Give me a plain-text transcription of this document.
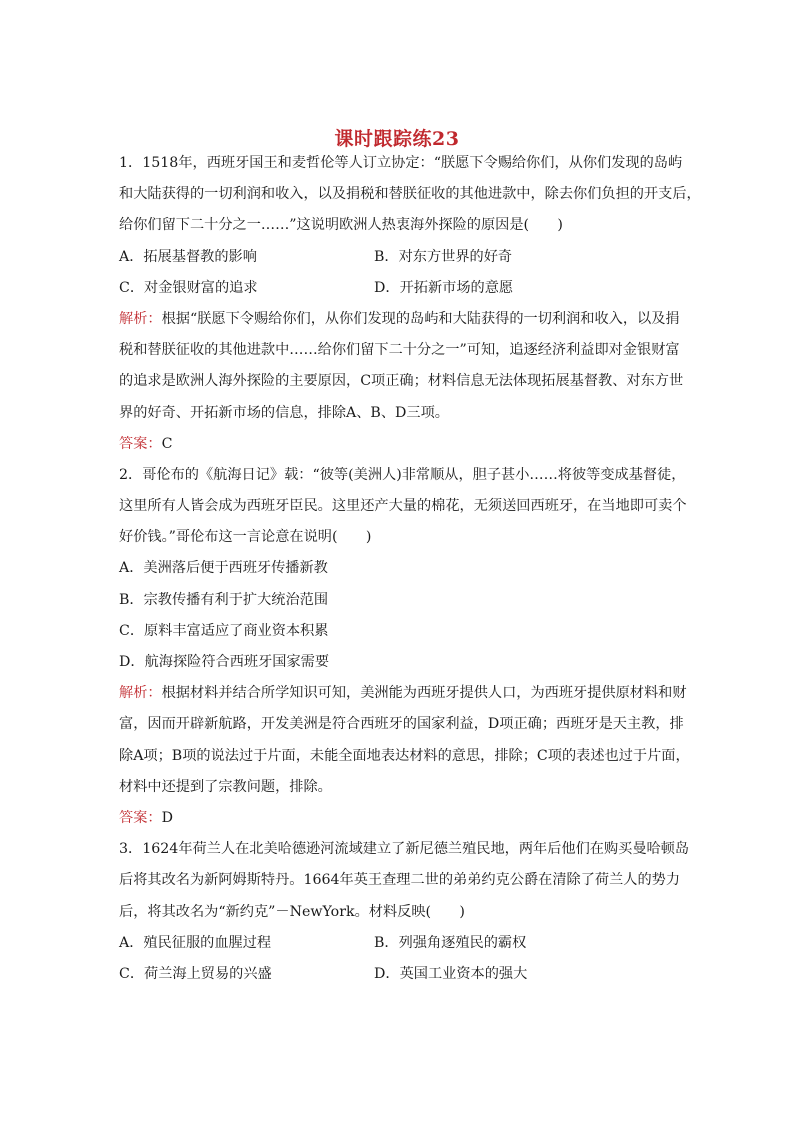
课时跟踪练23
1．1518年，西班牙国王和麦哲伦等人订立协定：“朕愿下令赐给你们，从你们发现的岛屿
和大陆获得的一切利润和收入，以及捐税和替朕征收的其他进款中，除去你们负担的开支后，
给你们留下二十分之一……”这说明欧洲人热衷海外探险的原因是(　　)
A．拓展基督教的影响	B．对东方世界的好奇
C．对金银财富的追求	D．开拓新市场的意愿
解析：根据“朕愿下令赐给你们，从你们发现的岛屿和大陆获得的一切利润和收入，以及捐
税和替朕征收的其他进款中……给你们留下二十分之一”可知，追逐经济利益即对金银财富
的追求是欧洲人海外探险的主要原因，C项正确；材料信息无法体现拓展基督教、对东方世
界的好奇、开拓新市场的信息，排除A、B、D三项。
答案：C
2．哥伦布的《航海日记》载：“彼等(美洲人)非常顺从，胆子甚小……将彼等变成基督徒，
这里所有人皆会成为西班牙臣民。这里还产大量的棉花，无须送回西班牙，在当地即可卖个
好价钱。”哥伦布这一言论意在说明(　　)
A．美洲落后便于西班牙传播新教
B．宗教传播有利于扩大统治范围
C．原料丰富适应了商业资本积累
D．航海探险符合西班牙国家需要
解析：根据材料并结合所学知识可知，美洲能为西班牙提供人口，为西班牙提供原材料和财
富，因而开辟新航路，开发美洲是符合西班牙的国家利益，D项正确；西班牙是天主教，排
除A项；B项的说法过于片面，未能全面地表达材料的意思，排除；C项的表述也过于片面，
材料中还提到了宗教问题，排除。
答案：D
3．1624年荷兰人在北美哈德逊河流域建立了新尼德兰殖民地，两年后他们在购买曼哈顿岛
后将其改名为新阿姆斯特丹。1664年英王查理二世的弟弟约克公爵在清除了荷兰人的势力
后，将其改名为“新约克”－NewYork。材料反映(　　)
A．殖民征服的血腥过程	B．列强角逐殖民的霸权
C．荷兰海上贸易的兴盛	D．英国工业资本的强大
